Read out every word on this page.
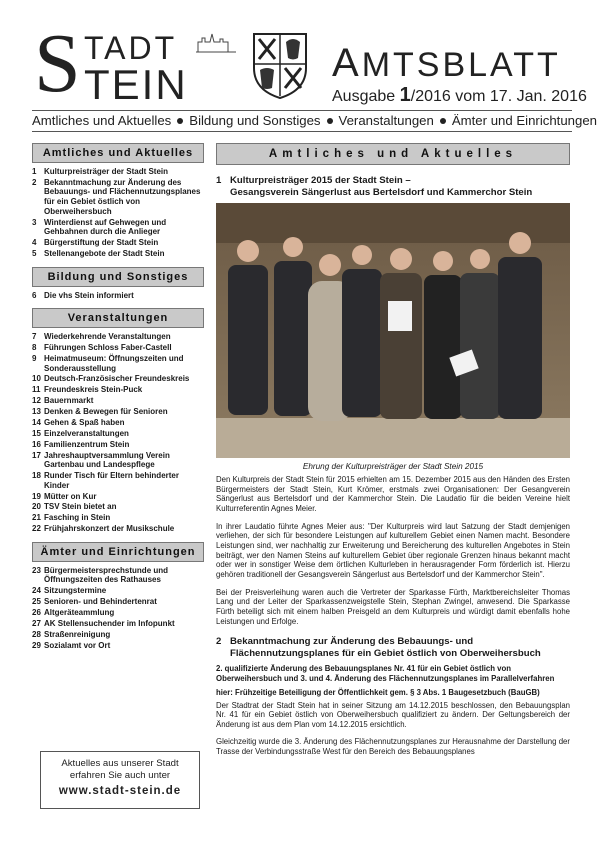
S TADT
TEIN	AMTSBLATT
Ausgabe 1/2016 vom 17. Jan. 2016
Amtliches und Aktuelles Bildung und Sonstiges Veranstaltungen Ämter und Einrichtungen
Amtliches und Aktuelles
1 Kulturpreisträger der Stadt Stein
2 Bekanntmachung zur Änderung des Bebauungs- und Flächennutzungsplanes für ein Gebiet östlich von Oberweihersbuch
3 Winterdienst auf Gehwegen und Gehbahnen durch die Anlieger
4 Bürgerstiftung der Stadt Stein
5 Stellenangebote der Stadt Stein
Bildung und Sonstiges
6 Die vhs Stein informiert
Veranstaltungen
7 Wiederkehrende Veranstaltungen
8 Führungen Schloss Faber-Castell
9 Heimatmuseum: Öffnungszeiten und Sonderausstellung
10 Deutsch-Französischer Freundeskreis
11 Freundeskreis Stein-Puck
12 Bauernmarkt
13 Denken & Bewegen für Senioren
14 Gehen & Spaß haben
15 Einzelveranstaltungen
16 Familienzentrum Stein
17 Jahreshauptversammlung Verein Gartenbau und Landespflege
18 Runder Tisch für Eltern behinderter Kinder
19 Mütter on Kur
20 TSV Stein bietet an
21 Fasching in Stein
22 Frühjahrskonzert der Musikschule
Ämter und Einrichtungen
23 Bürgermeistersprechstunde und Öffnungszeiten des Rathauses
24 Sitzungstermine
25 Senioren- und Behindertenrat
26 Altgeräteammlung
27 AK Stellensuchender im Infopunkt
28 Straßenreinigung
29 Sozialamt vor Ort
Aktuelles aus unserer Stadt
erfahren Sie auch unter
www.stadt-stein.de
Amtliches und Aktuelles
1 Kulturpreisträger 2015 der Stadt Stein –
Gesangsverein Sängerlust aus Bertelsdorf und Kammerchor Stein
Ehrung der Kulturpreisträger der Stadt Stein 2015

Den Kulturpreis der Stadt Stein für 2015 erhielten am 15. Dezember 2015 aus den Händen des Ersten Bürgermeisters der Stadt Stein, Kurt Krömer, erstmals zwei Organisationen: Der Gesangverein Sängerlust aus Bertelsdorf und der Kammerchor Stein. Die Laudatio für die beiden Vereine hielt Kulturreferentin Agnes Meier.

In ihrer Laudatio führte Agnes Meier aus: "Der Kulturpreis wird laut Satzung der Stadt demjenigen verliehen, der sich für besondere Leistungen auf kulturellem Gebiet einen Namen macht. Besondere Leistungen sind, wer nachhaltig zur Erweiterung und Bereicherung des kulturellen Angebotes in Stein beiträgt, wer den Namen Steins auf kulturellem Gebiet über regionale Grenzen hinaus bekannt macht oder wer in sonstiger Weise dem örtlichen Kulturleben in herausragender Form förderlich ist. Hierzu gehören traditionell der Gesangsverein Sängerlust aus Bertelsdorf und der Kammerchor Stein".

Bei der Preisverleihung waren auch die Vertreter der Sparkasse Fürth, Marktbereichsleiter Thomas Lang und der Leiter der Sparkassenzweigstelle Stein, Stephan Zwingel, anwesend. Die Sparkasse Fürth beteiligt sich mit einem halben Preisgeld an dem Kulturpreis und würdigt damit ebenfalls hohe Leistungen und Erfolge.

2 Bekanntmachung zur Änderung des Bebauungs- und
Flächennutzungsplanes für ein Gebiet östlich von Oberweihersbuch
2. qualifizierte Änderung des Bebauungsplanes Nr. 41 für ein Gebiet östlich von Oberweihersbuch und 3. und 4. Änderung des Flächennutzungsplanes im Parallelverfahren
hier: Frühzeitige Beteiligung der Öffentlichkeit gem. § 3 Abs. 1 Baugesetzbuch (BauGB)

Der Stadtrat der Stadt Stein hat in seiner Sitzung am 14.12.2015 beschlossen, den Bebauungsplan Nr. 41 für ein Gebiet östlich von Oberweihersbuch qualifiziert zu ändern. Der Geltungsbereich der Änderung ist aus dem Plan vom 14.12.2015 ersichtlich.

Gleichzeitig wurde die 3. Änderung des Flächennutzungsplanes zur Herausnahme der Darstellung der Trasse der Verbindungsstraße West für den Bereich des Bebauungsplanes
